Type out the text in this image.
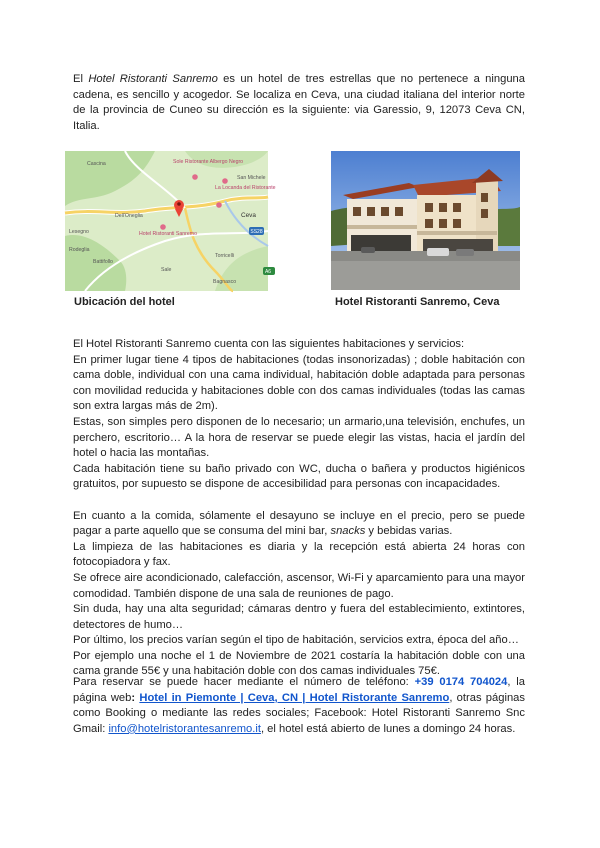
El Hotel Ristoranti Sanremo es un hotel de tres estrellas que no pertenece a ninguna cadena, es sencillo y acogedor. Se localiza en Ceva, una ciudad italiana del interior norte de la provincia de Cuneo su dirección es la siguiente: via Garessio, 9, 12073 Ceva CN, Italia.

Sole Ristorante Albergo Negro
La Locanda del Ristorante
Hotel Ristoranti Sanremo
Cascina
Ceva
Lesegno
Battifollo
San Michele
Dell'Oneglia
Rodeglia
Torricelli
Sale
Bagnasco
SS28
A6
Ubicación del hotel	Hotel Ristoranti Sanremo, Ceva

El Hotel Ristoranti Sanremo cuenta con las siguientes habitaciones y servicios:

En primer lugar tiene 4 tipos de habitaciones (todas insonorizadas) ; doble habitación con cama doble, individual con una cama individual, habitación doble adaptada para personas con movilidad reducida y habitaciones doble con dos camas individuales (todas las camas son extra largas más de 2m).

Estas, son simples pero disponen de lo necesario; un armario,una televisión, enchufes, un perchero, escritorio… A la hora de reservar se puede elegir las vistas, hacia el jardín del hotel o hacia las montañas.

Cada habitación tiene su baño privado con WC, ducha o bañera y productos higiénicos gratuitos, por supuesto se dispone de accesibilidad para personas con incapacidades.

En cuanto a la comida, sólamente el desayuno se incluye en el precio, pero se puede pagar a parte aquello que se consuma del mini bar, snacks y bebidas varias.

La limpieza de las habitaciones es diaria y la recepción está abierta 24 horas con fotocopiadora y fax.

Se ofrece aire acondicionado, calefacción, ascensor, Wi-Fi y aparcamiento para una mayor comodidad. También dispone de una sala de reuniones de pago.

Sin duda, hay una alta seguridad; cámaras dentro y fuera del establecimiento, extintores, detectores de humo…

Por último, los precios varían según el tipo de habitación, servicios extra, época del año…

Por ejemplo una noche el 1 de Noviembre de 2021 costaría la habitación doble con una cama grande 55€ y una habitación doble con dos camas individuales 75€.

Para reservar se puede hacer mediante el número de teléfono: +39 0174 704024, la página web: Hotel in Piemonte | Ceva, CN | Hotel Ristorante Sanremo, otras páginas como Booking o mediante las redes sociales; Facebook: Hotel Ristoranti Sanremo Snc Gmail: info@hotelristorantesanremo.it, el hotel está abierto de lunes a domingo 24 horas.
